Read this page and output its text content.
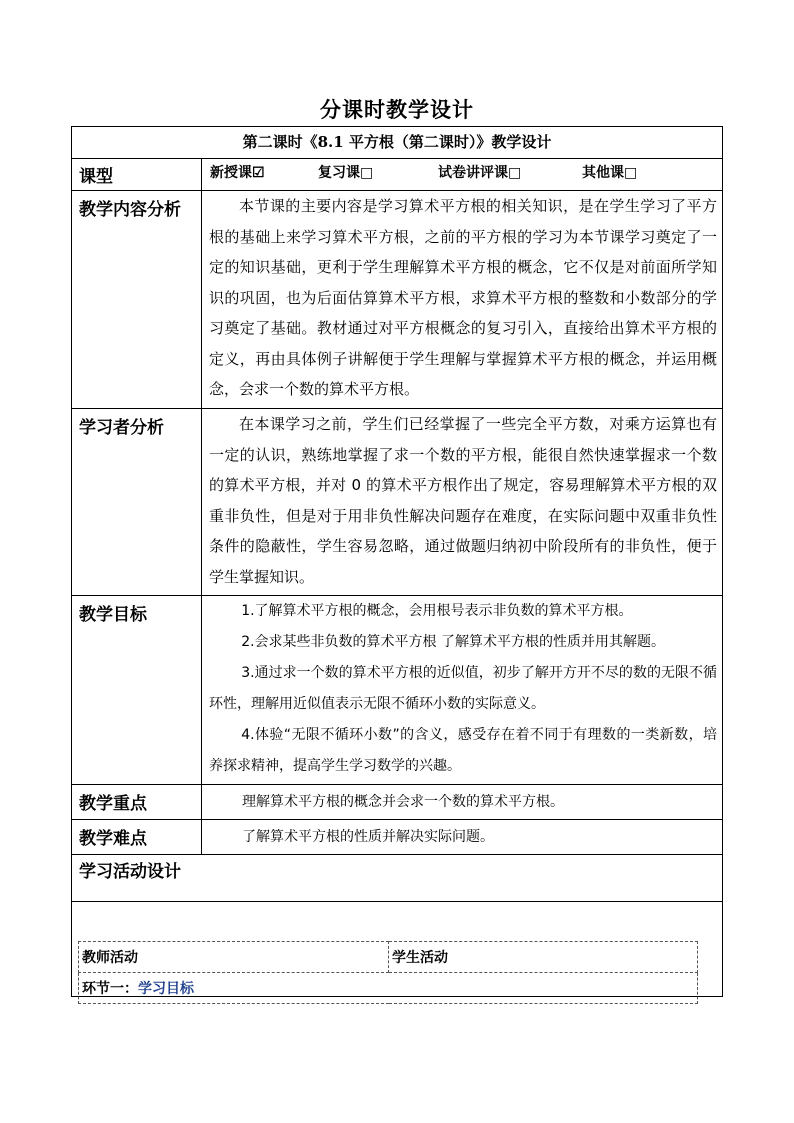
分课时教学设计
第二课时《8.1 平方根（第二课时）》教学设计	
课型	新授课☑ 复习课□ 试卷讲评课□ 其他课□

教学内容分析	本节课的主要内容是学习算术平方根的相关知识，是在学生学习了平方根的基础上来学习算术平方根，之前的平方根的学习为本节课学习奠定了一定的知识基础，更利于学生理解算术平方根的概念，它不仅是对前面所学知识的巩固，也为后面估算算术平方根，求算术平方根的整数和小数部分的学习奠定了基础。教材通过对平方根概念的复习引入，直接给出算术平方根的定义，再由具体例子讲解便于学生理解与掌握算术平方根的概念，并运用概念，会求一个数的算术平方根。

学习者分析	在本课学习之前，学生们已经掌握了一些完全平方数，对乘方运算也有一定的认识，熟练地掌握了求一个数的平方根，能很自然快速掌握求一个数的算术平方根，并对 0 的算术平方根作出了规定，容易理解算术平方根的双重非负性，但是对于用非负性解决问题存在难度，在实际问题中双重非负性条件的隐蔽性，学生容易忽略，通过做题归纳初中阶段所有的非负性，便于学生掌握知识。

教学目标	1.了解算术平方根的概念，会用根号表示非负数的算术平方根。

2.会求某些非负数的算术平方根 了解算术平方根的性质并用其解题。

3.通过求一个数的算术平方根的近似值，初步了解开方开不尽的数的无限不循环性，理解用近似值表示无限不循环小数的实际意义。

4.体验“无限不循环小数”的含义，感受存在着不同于有理数的一类新数，培养探求精神，提高学生学习数学的兴趣。

教学重点	理解算术平方根的概念并会求一个数的算术平方根。
教学难点	了解算术平方根的性质并解决实际问题。
学习活动设计	

教师活动	学生活动
环节一：学习目标
